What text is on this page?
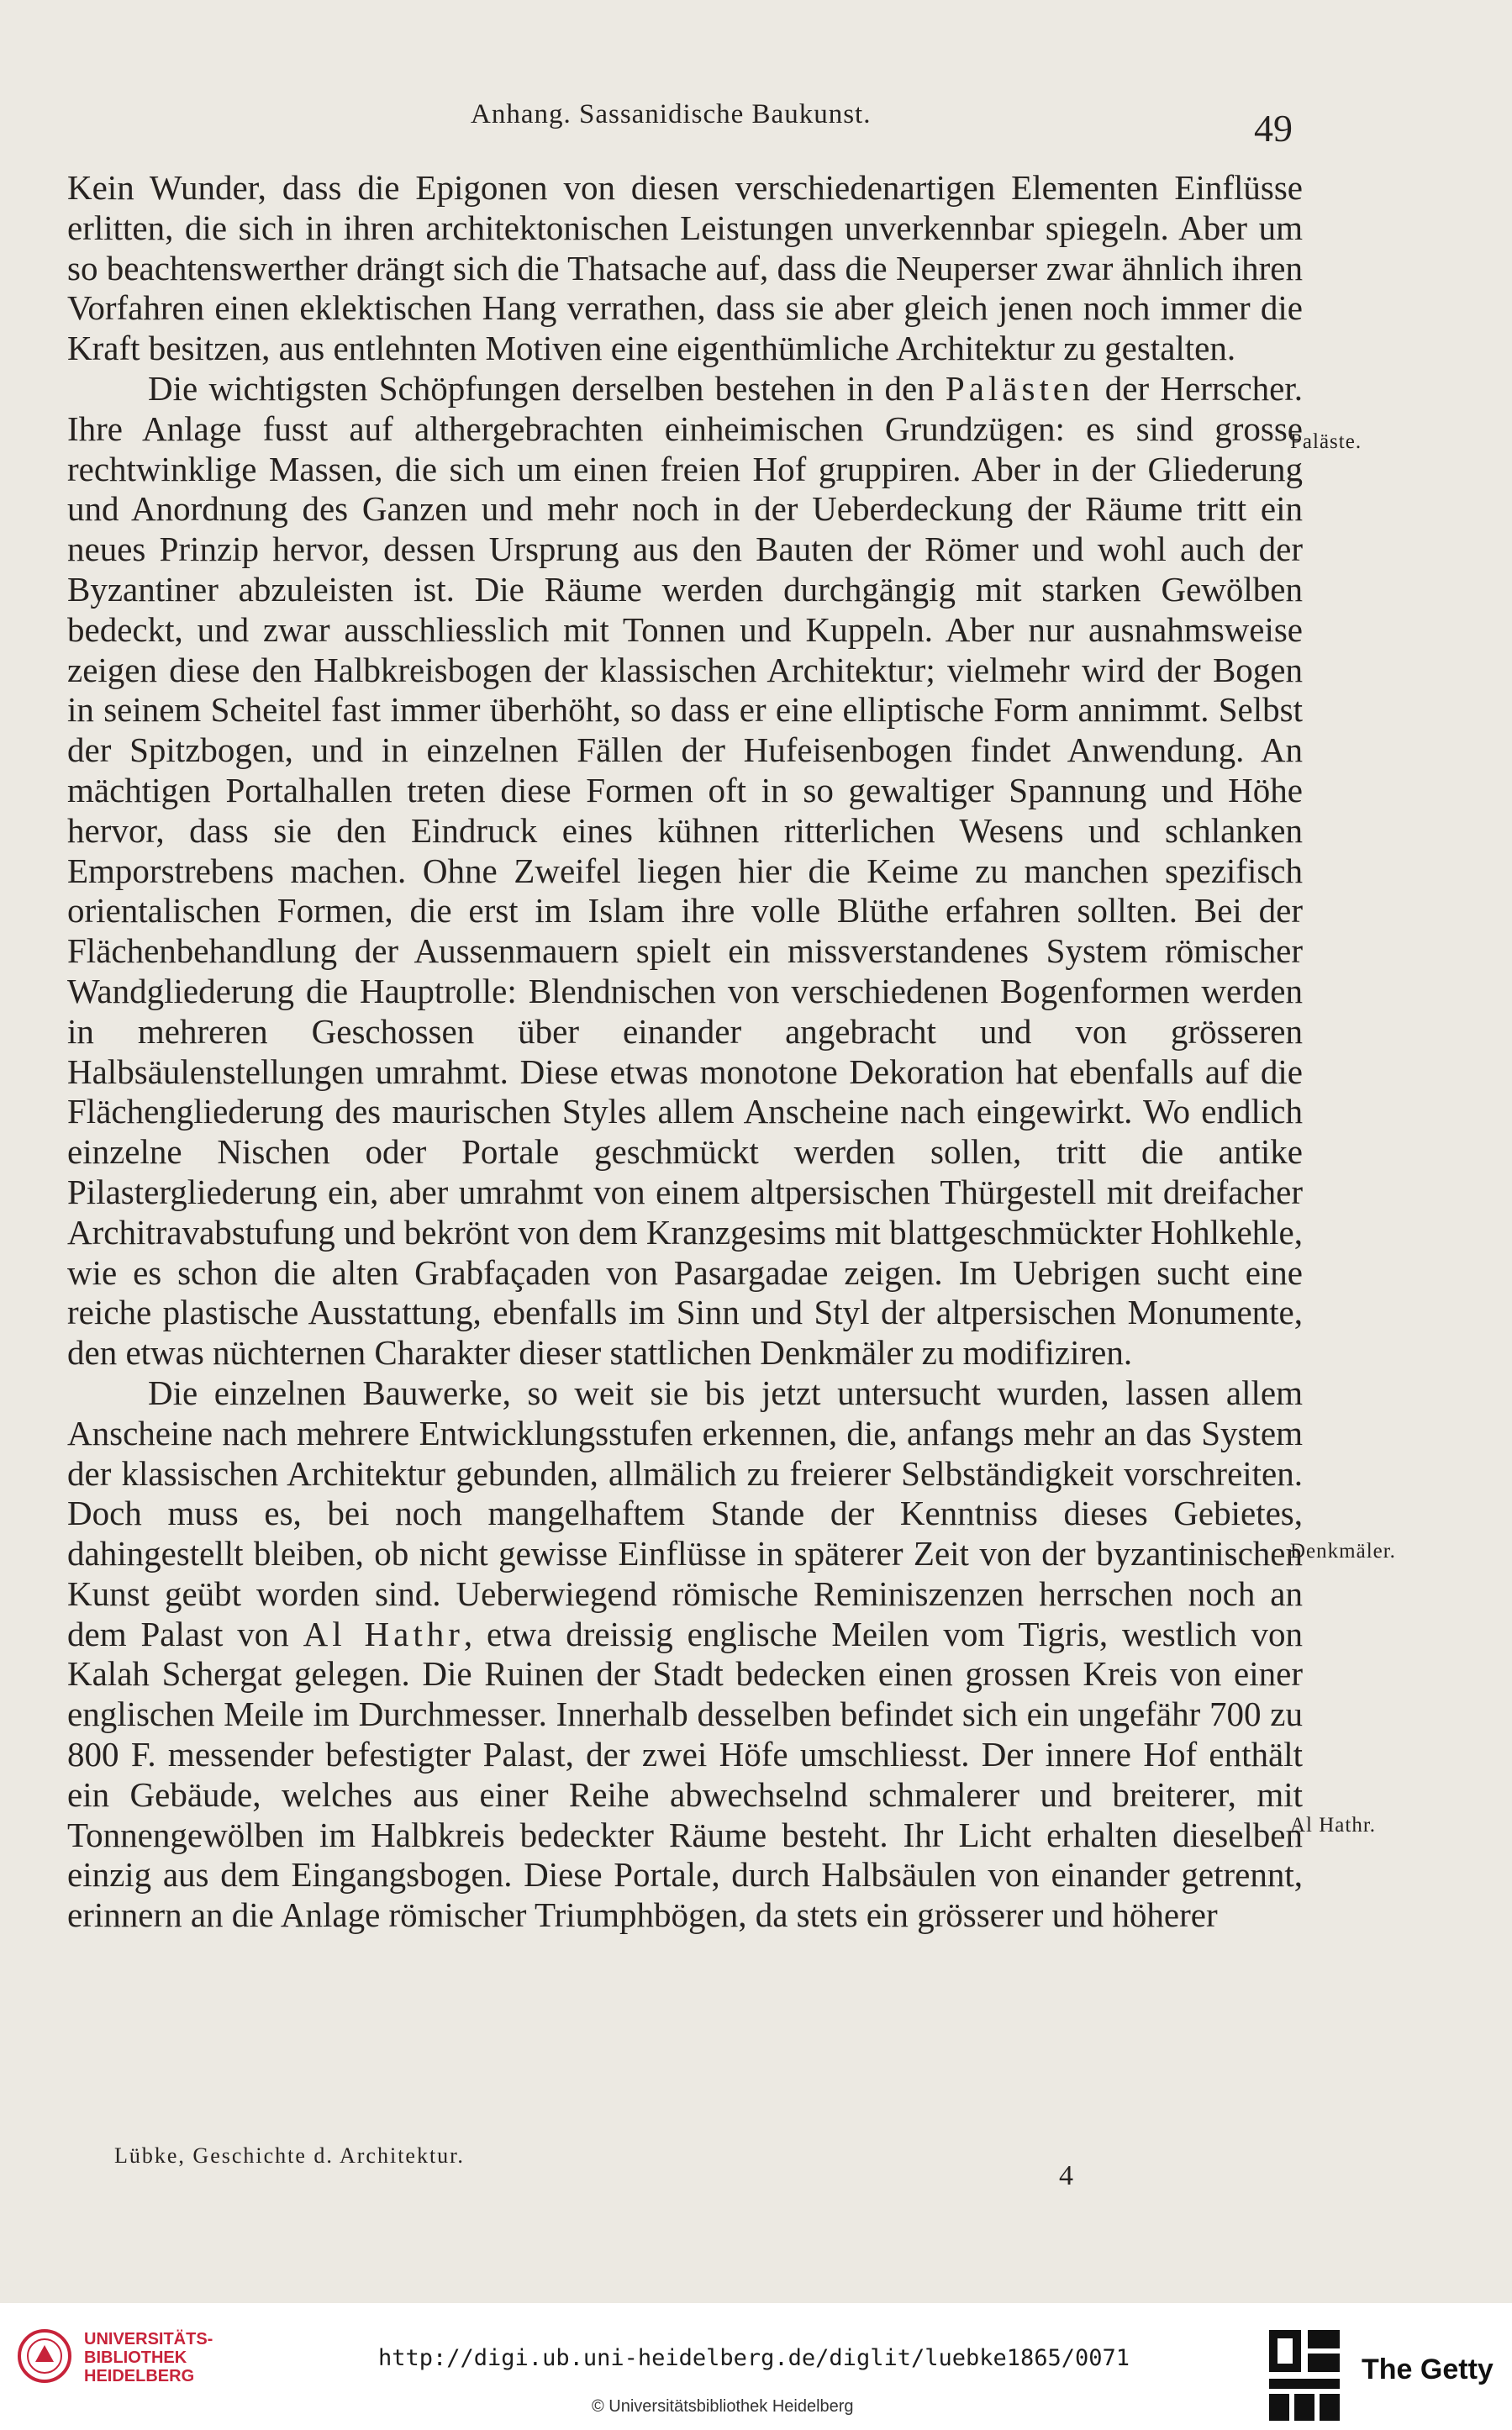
Anhang. Sassanidische Baukunst.	49

Kein Wunder, dass die Epigonen von diesen verschiedenartigen Elementen Einflüsse erlitten, die sich in ihren architektonischen Leistungen unverkennbar spiegeln. Aber um so beachtenswerther drängt sich die Thatsache auf, dass die Neuperser zwar ähnlich ihren Vorfahren einen eklektischen Hang verrathen, dass sie aber gleich jenen noch immer die Kraft besitzen, aus entlehnten Motiven eine eigenthümliche Architektur zu gestalten.

Die wichtigsten Schöpfungen derselben bestehen in den Palästen der Herrscher. Ihre Anlage fusst auf althergebrachten einheimischen Grundzügen: es sind grosse rechtwinklige Massen, die sich um einen freien Hof gruppiren. Aber in der Gliederung und Anordnung des Ganzen und mehr noch in der Ueberdeckung der Räume tritt ein neues Prinzip hervor, dessen Ursprung aus den Bauten der Römer und wohl auch der Byzantiner abzuleisten ist. Die Räume werden durchgängig mit starken Gewölben bedeckt, und zwar ausschliesslich mit Tonnen und Kuppeln. Aber nur ausnahmsweise zeigen diese den Halbkreisbogen der klassischen Architektur; vielmehr wird der Bogen in seinem Scheitel fast immer überhöht, so dass er eine elliptische Form annimmt. Selbst der Spitzbogen, und in einzelnen Fällen der Hufeisenbogen findet Anwendung. An mächtigen Portalhallen treten diese Formen oft in so gewaltiger Spannung und Höhe hervor, dass sie den Eindruck eines kühnen ritterlichen Wesens und schlanken Emporstrebens machen. Ohne Zweifel liegen hier die Keime zu manchen spezifisch orientalischen Formen, die erst im Islam ihre volle Blüthe erfahren sollten. Bei der Flächenbehandlung der Aussenmauern spielt ein missverstandenes System römischer Wandgliederung die Hauptrolle: Blendnischen von verschiedenen Bogenformen werden in mehreren Geschossen über einander angebracht und von grösseren Halbsäulenstellungen umrahmt. Diese etwas monotone Dekoration hat ebenfalls auf die Flächengliederung des maurischen Styles allem Anscheine nach eingewirkt. Wo endlich einzelne Nischen oder Portale geschmückt werden sollen, tritt die antike Pilastergliederung ein, aber umrahmt von einem altpersischen Thürgestell mit dreifacher Architravabstufung und bekrönt von dem Kranzgesims mit blattgeschmückter Hohlkehle, wie es schon die alten Grabfaçaden von Pasargadae zeigen. Im Uebrigen sucht eine reiche plastische Ausstattung, ebenfalls im Sinn und Styl der altpersischen Monumente, den etwas nüchternen Charakter dieser stattlichen Denkmäler zu modifiziren.

Die einzelnen Bauwerke, so weit sie bis jetzt untersucht wurden, lassen allem Anscheine nach mehrere Entwicklungsstufen erkennen, die, anfangs mehr an das System der klassischen Architektur gebunden, allmälich zu freierer Selbständigkeit vorschreiten. Doch muss es, bei noch mangelhaftem Stande der Kenntniss dieses Gebietes, dahingestellt bleiben, ob nicht gewisse Einflüsse in späterer Zeit von der byzantinischen Kunst geübt worden sind. Ueberwiegend römische Reminiszenzen herrschen noch an dem Palast von Al Hathr, etwa dreissig englische Meilen vom Tigris, westlich von Kalah Schergat gelegen. Die Ruinen der Stadt bedecken einen grossen Kreis von einer englischen Meile im Durchmesser. Innerhalb desselben befindet sich ein ungefähr 700 zu 800 F. messender befestigter Palast, der zwei Höfe umschliesst. Der innere Hof enthält ein Gebäude, welches aus einer Reihe abwechselnd schmalerer und breiterer, mit Tonnengewölben im Halbkreis bedeckter Räume besteht. Ihr Licht erhalten dieselben einzig aus dem Eingangsbogen. Diese Portale, durch Halbsäulen von einander getrennt, erinnern an die Anlage römischer Triumphbögen, da stets ein grösserer und höherer

Paläste.
Denkmäler.
Al Hathr.
Lübke, Geschichte d. Architektur.
4
UNIVERSITÄTS-
BIBLIOTHEK
HEIDELBERG
http://digi.ub.uni-heidelberg.de/diglit/luebke1865/0071
© Universitätsbibliothek Heidelberg
The Getty
